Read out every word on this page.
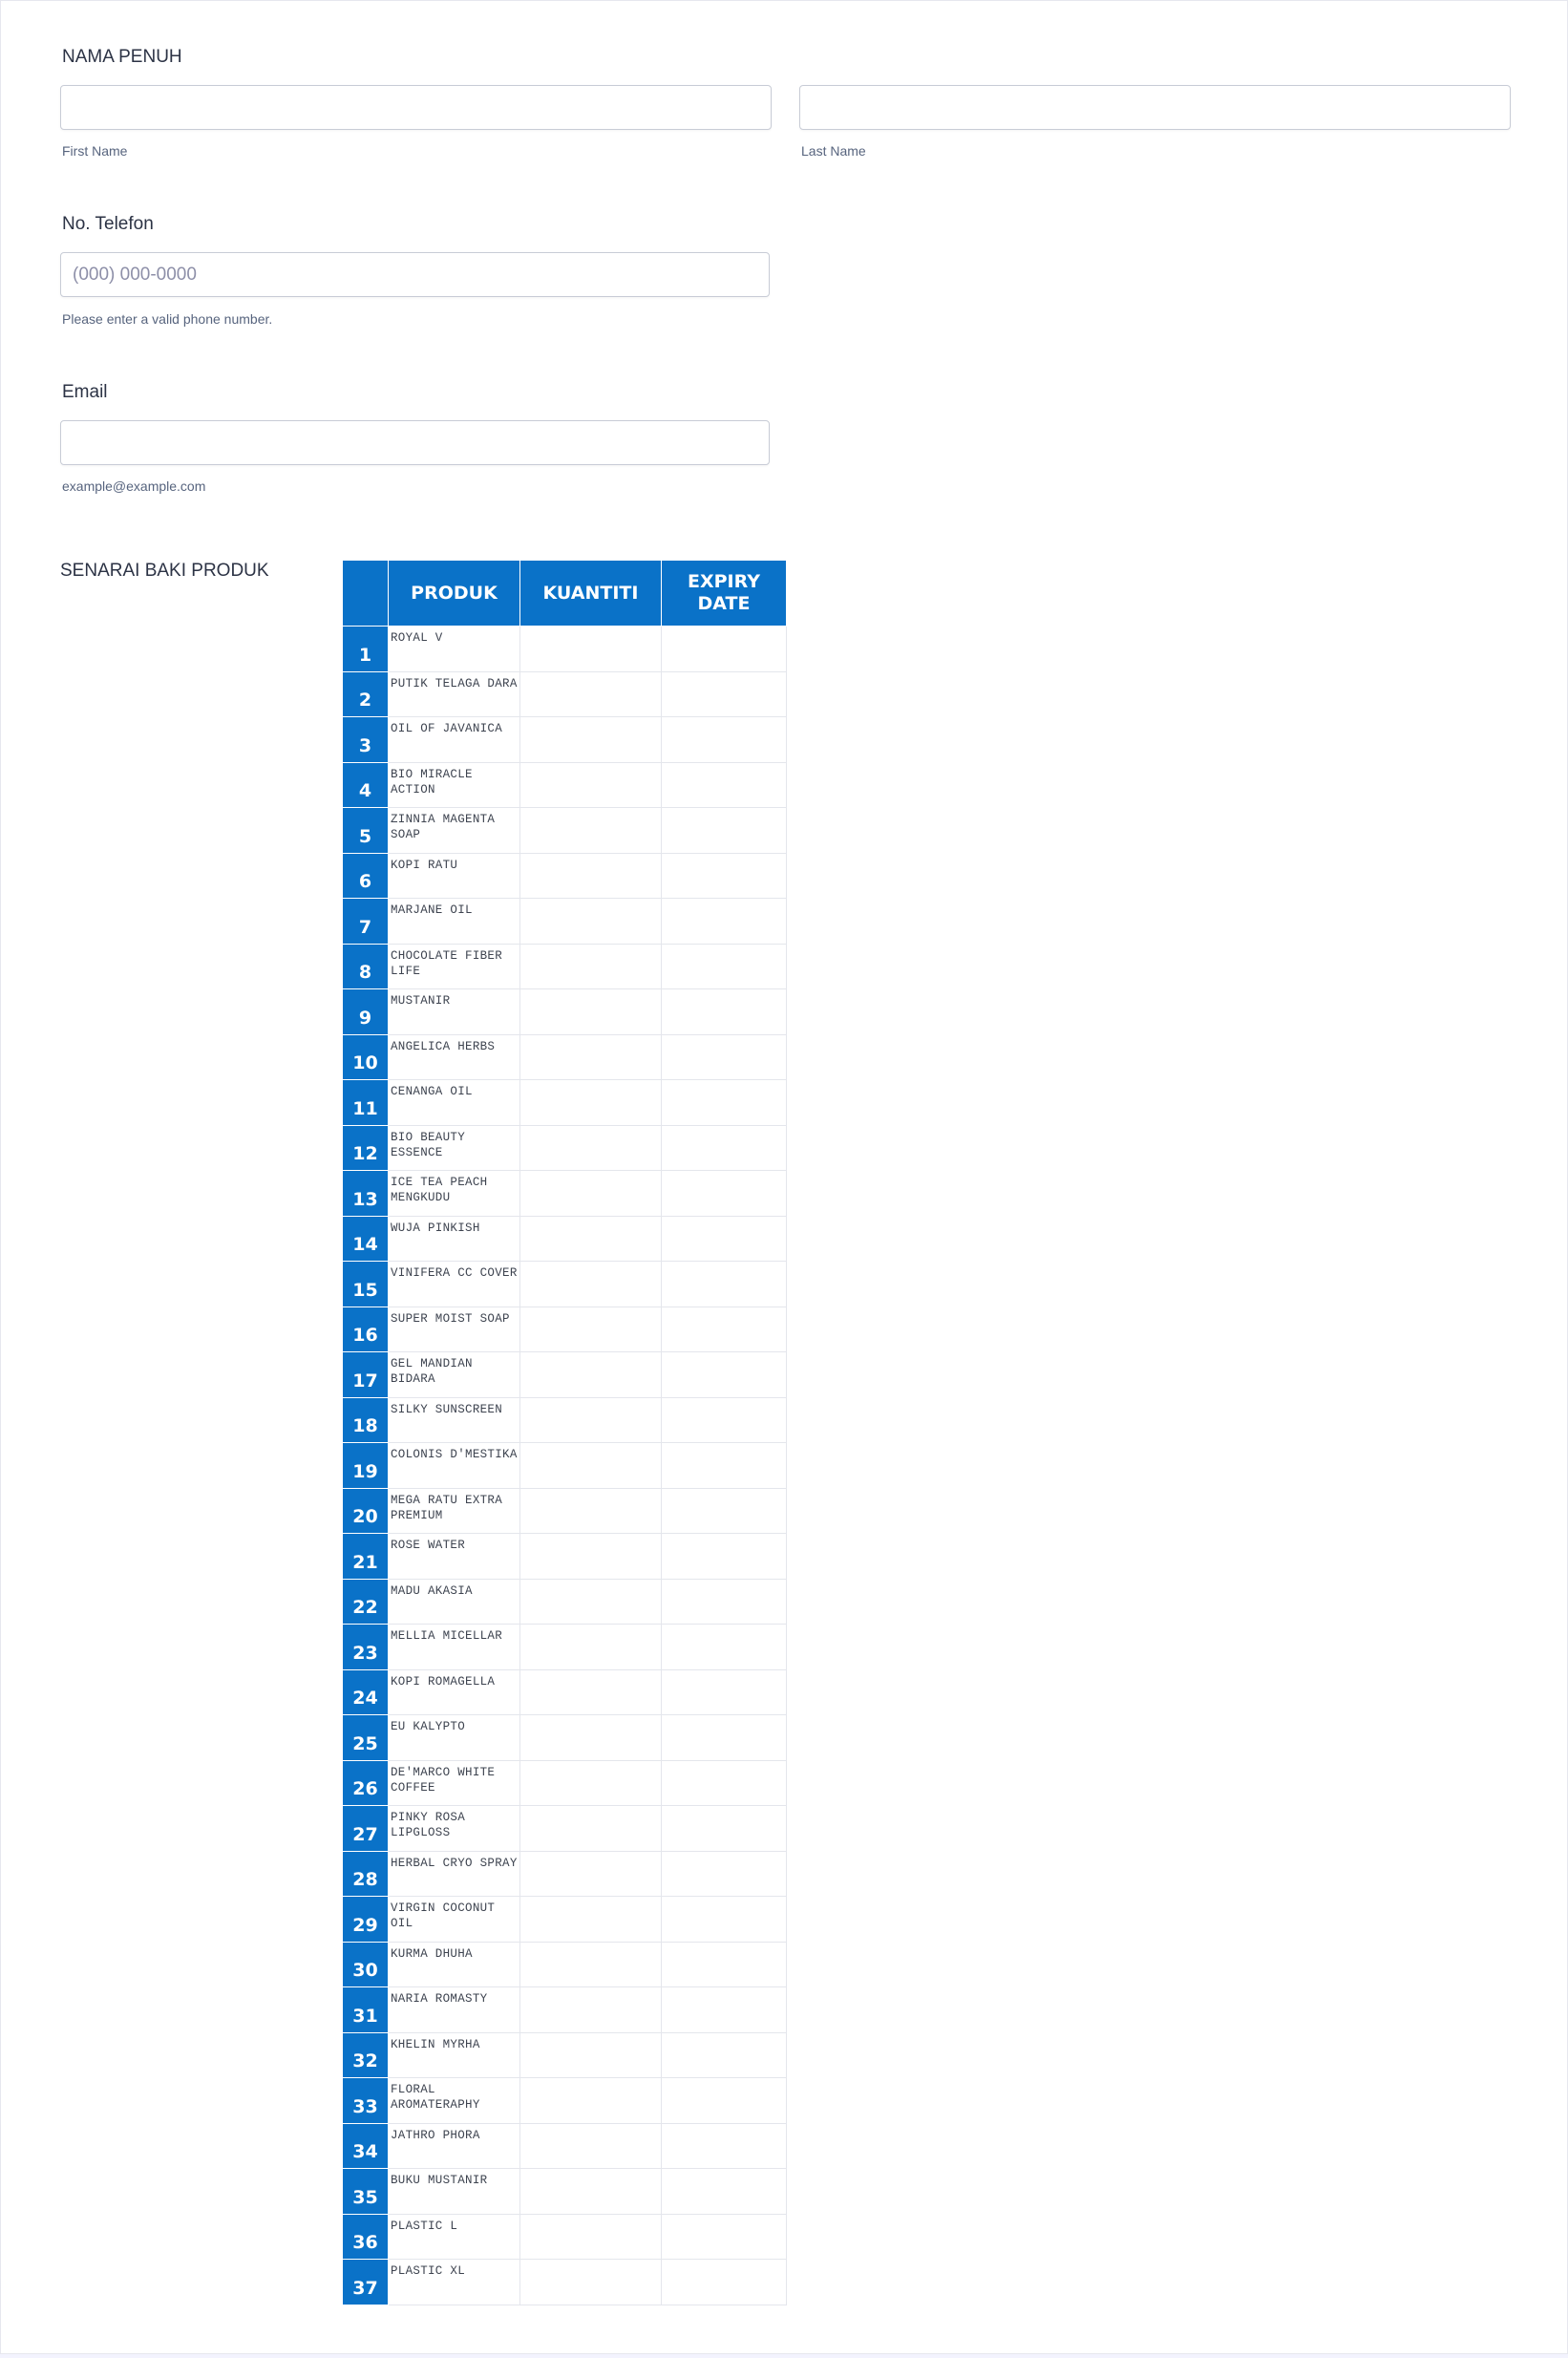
NAMA PENUH
First Name	Last Name
No. Telefon
(000) 000-0000
Please enter a valid phone number.
Email
example@example.com
SENARAI BAKI PRODUK
	PRODUK	KUANTITI	EXPIRY DATE
1	ROYAL V		
2	PUTIK TELAGA DARA		
3	OIL OF JAVANICA		
4	BIO MIRACLE ACTION		
5	ZINNIA MAGENTA SOAP		
6	KOPI RATU		
7	MARJANE OIL		
8	CHOCOLATE FIBER LIFE		
9	MUSTANIR		
10	ANGELICA HERBS		
11	CENANGA OIL		
12	BIO BEAUTY ESSENCE		
13	ICE TEA PEACH MENGKUDU		
14	WUJA PINKISH		
15	VINIFERA CC COVER		
16	SUPER MOIST SOAP		
17	GEL MANDIAN BIDARA		
18	SILKY SUNSCREEN		
19	COLONIS D'MESTIKA		
20	MEGA RATU EXTRA PREMIUM		
21	ROSE WATER		
22	MADU AKASIA		
23	MELLIA MICELLAR		
24	KOPI ROMAGELLA		
25	EU KALYPTO		
26	DE'MARCO WHITE COFFEE		
27	PINKY ROSA LIPGLOSS		
28	HERBAL CRYO SPRAY		
29	VIRGIN COCONUT OIL		
30	KURMA DHUHA		
31	NARIA ROMASTY		
32	KHELIN MYRHA		
33	FLORAL AROMATERAPHY		
34	JATHRO PHORA		
35	BUKU MUSTANIR		
36	PLASTIC L		
37	PLASTIC XL		
